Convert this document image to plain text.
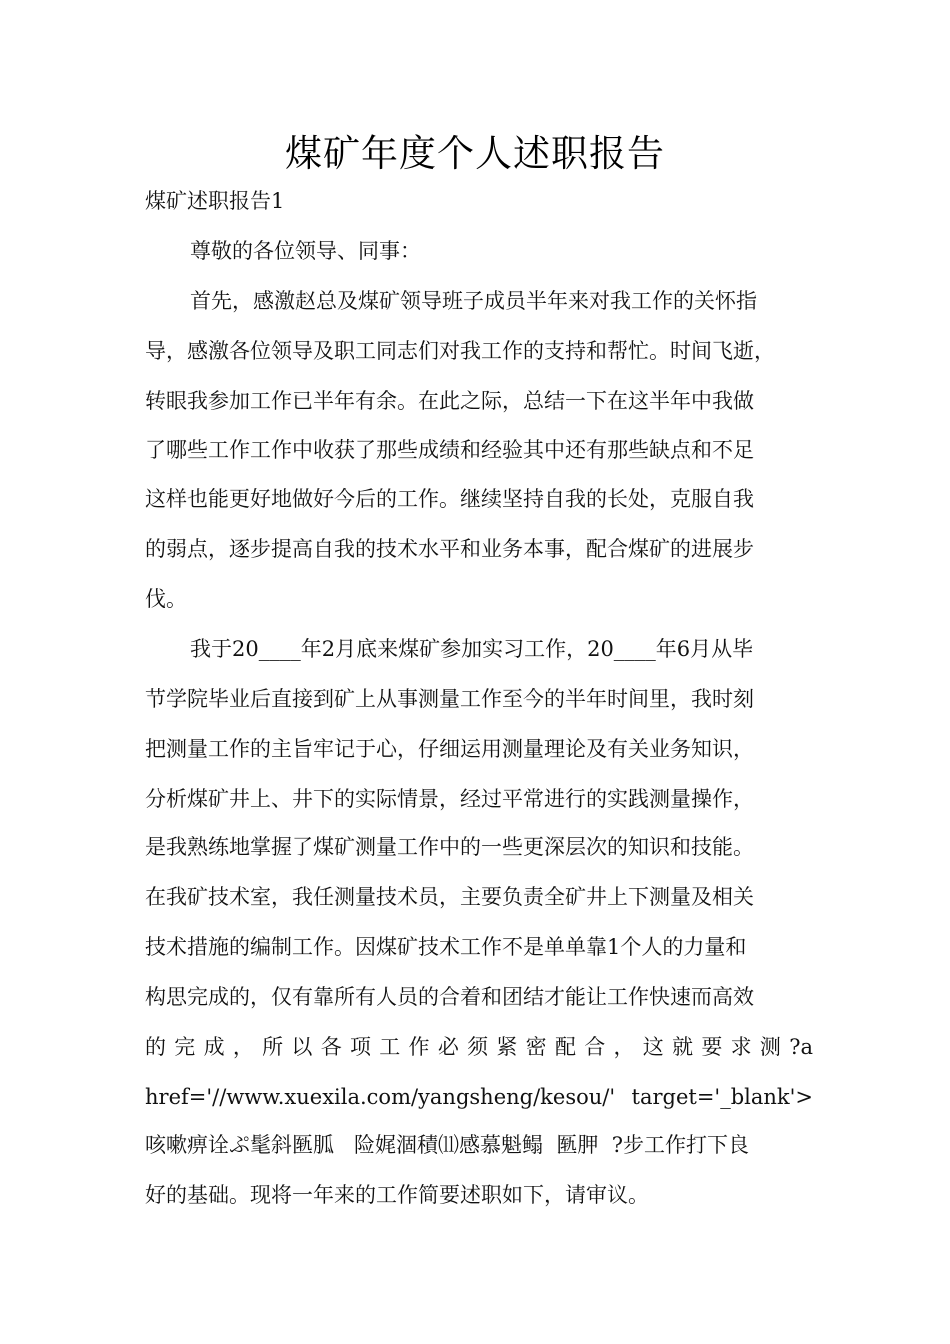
煤矿年度个人述职报告
煤矿述职报告1
尊敬的各位领导、同事：
首先，感激赵总及煤矿领导班子成员半年来对我工作的关怀指
导，感激各位领导及职工同志们对我工作的支持和帮忙。时间飞逝，
转眼我参加工作已半年有余。在此之际，总结一下在这半年中我做
了哪些工作工作中收获了那些成绩和经验其中还有那些缺点和不足
这样也能更好地做好今后的工作。继续坚持自我的长处，克服自我
的弱点，逐步提高自我的技术水平和业务本事，配合煤矿的进展步
伐。
我于20____年2月底来煤矿参加实习工作，20____年6月从毕
节学院毕业后直接到矿上从事测量工作至今的半年时间里，我时刻
把测量工作的主旨牢记于心，仔细运用测量理论及有关业务知识，
分析煤矿井上、井下的实际情景，经过平常进行的实践测量操作，
是我熟练地掌握了煤矿测量工作中的一些更深层次的知识和技能。
在我矿技术室，我任测量技术员，主要负责全矿井上下测量及相关
技术措施的编制工作。因煤矿技术工作不是单单靠1个人的力量和
构思完成的，仅有靠所有人员的合着和团结才能让工作快速而高效
的完成，所以各项工作必须紧密配合，这就要求测?a
href='//www.xuexila.com/yangsheng/kesou/' target='_blank'>
咳嗽痹诠ぷ髦斜匦胍   险娓涸積⑾感慕魁鳎  匦胛  ?步工作打下良
好的基础。现将一年来的工作简要述职如下，请审议。
